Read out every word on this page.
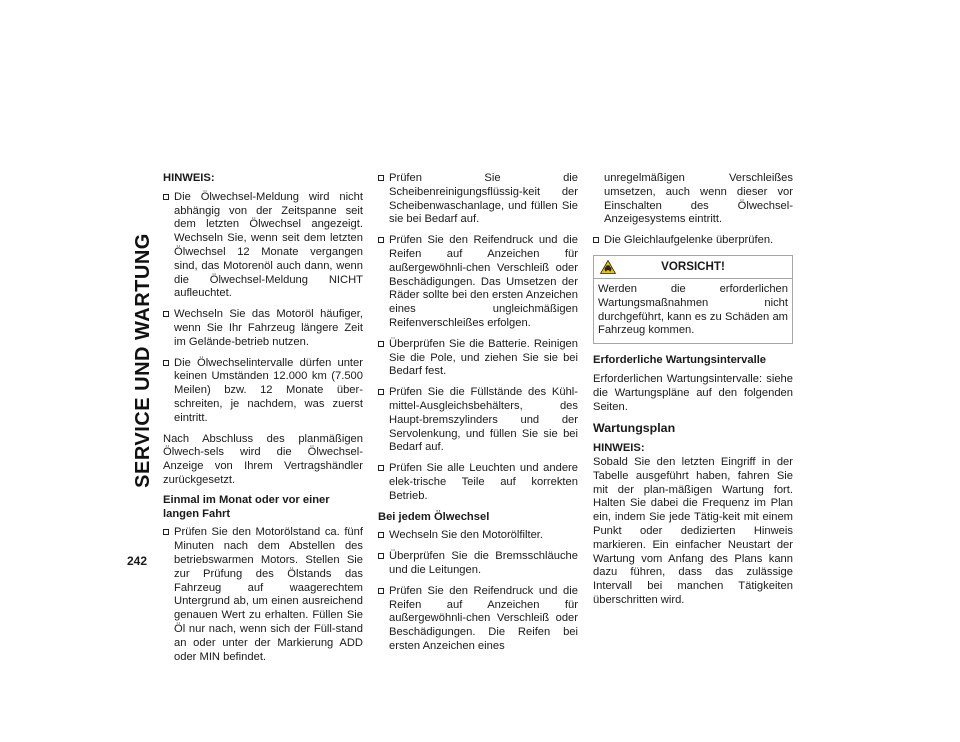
SERVICE UND WARTUNG
242
HINWEIS:
Die Ölwechsel-Meldung wird nicht abhängig von der Zeitspanne seit dem letzten Ölwechsel angezeigt. Wechseln Sie, wenn seit dem letzten Ölwechsel 12 Monate vergangen sind, das Motorenöl auch dann, wenn die Ölwechsel-Meldung NICHT aufleuchtet.
Wechseln Sie das Motoröl häufiger, wenn Sie Ihr Fahrzeug längere Zeit im Gelände-betrieb nutzen.
Die Ölwechselintervalle dürfen unter keinen Umständen 12.000 km (7.500 Meilen) bzw. 12 Monate über-schreiten, je nachdem, was zuerst eintritt.

Nach Abschluss des planmäßigen Ölwech-sels wird die Ölwechsel-Anzeige von Ihrem Vertragshändler zurückgesetzt.

Einmal im Monat oder vor einer langen Fahrt
Prüfen Sie den Motorölstand ca. fünf Minuten nach dem Abstellen des betriebswarmen Motors. Stellen Sie zur Prüfung des Ölstands das Fahrzeug auf waagerechtem Untergrund ab, um einen ausreichend genauen Wert zu erhalten. Füllen Sie Öl nur nach, wenn sich der Füll-stand an oder unter der Markierung ADD oder MIN befindet.
Prüfen Sie die Scheibenreinigungsflüssig-keit der Scheibenwaschanlage, und füllen Sie sie bei Bedarf auf.
Prüfen Sie den Reifendruck und die Reifen auf Anzeichen für außergewöhnli-chen Verschleiß oder Beschädigungen. Das Umsetzen der Räder sollte bei den ersten Anzeichen eines ungleichmäßigen Reifenverschleißes erfolgen.
Überprüfen Sie die Batterie. Reinigen Sie die Pole, und ziehen Sie sie bei Bedarf fest.
Prüfen Sie die Füllstände des Kühl-mittel-Ausgleichsbehälters, des Haupt-bremszylinders und der Servolenkung, und füllen Sie sie bei Bedarf auf.
Prüfen Sie alle Leuchten und andere elek-trische Teile auf korrekten Betrieb.
Bei jedem Ölwechsel
Wechseln Sie den Motorölfilter.
Überprüfen Sie die Bremsschläuche und die Leitungen.
Prüfen Sie den Reifendruck und die Reifen auf Anzeichen für außergewöhnli-chen Verschleiß oder Beschädigungen. Die Reifen bei ersten Anzeichen eines
unregelmäßigen Verschleißes umsetzen, auch wenn dieser vor Einschalten des Ölwechsel-Anzeigesystems eintritt.
Die Gleichlaufgelenke überprüfen.
VORSICHT!
Werden die erforderlichen Wartungsmaßnahmen nicht durchgeführt, kann es zu Schäden am Fahrzeug kommen.
Erforderliche Wartungsintervalle

Erforderlichen Wartungsintervalle: siehe die Wartungspläne auf den folgenden Seiten.

Wartungsplan
HINWEIS:

Sobald Sie den letzten Eingriff in der Tabelle ausgeführt haben, fahren Sie mit der plan-mäßigen Wartung fort. Halten Sie dabei die Frequenz im Plan ein, indem Sie jede Tätig-keit mit einem Punkt oder dedizierten Hinweis markieren. Ein einfacher Neustart der Wartung vom Anfang des Plans kann dazu führen, dass das zulässige Intervall bei manchen Tätigkeiten überschritten wird.
